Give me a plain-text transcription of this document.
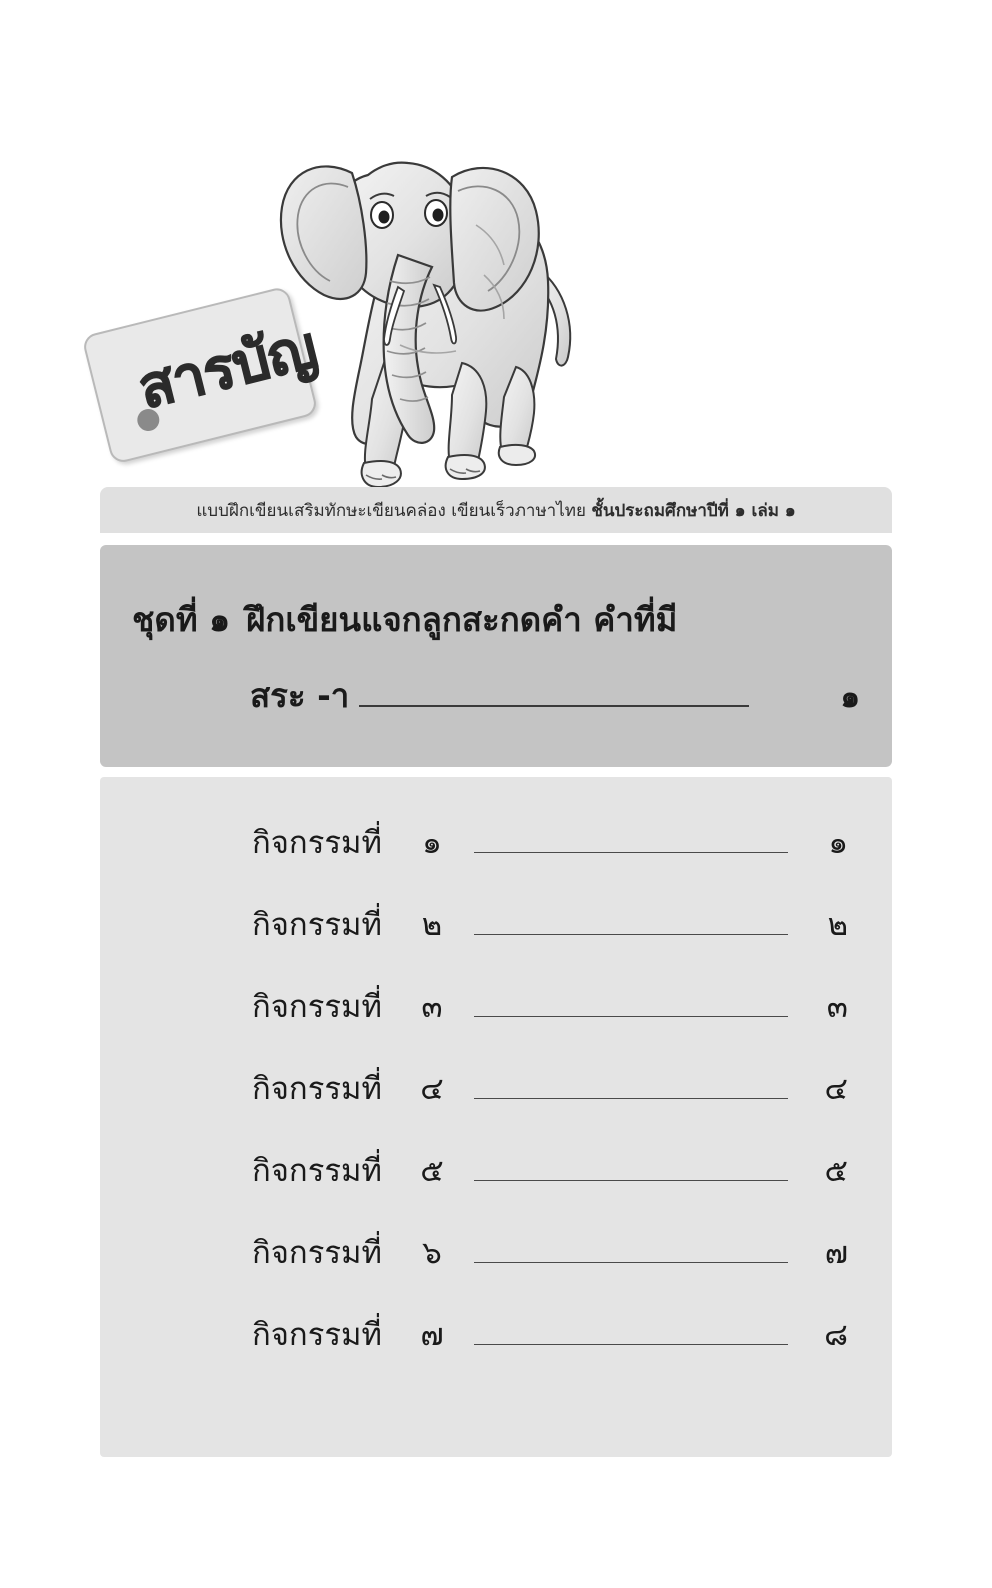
สารบัญ
แบบฝึกเขียนเสริมทักษะเขียนคล่อง เขียนเร็วภาษาไทย ชั้นประถมศึกษาปีที่ ๑ เล่ม ๑
ชุดที่ ๑ ฝึกเขียนแจกลูกสะกดคำ คำที่มี
สระ -า	๑
กิจกรรมที่	๑	๑
กิจกรรมที่	๒	๒
กิจกรรมที่	๓	๓
กิจกรรมที่	๔	๔
กิจกรรมที่	๕	๕
กิจกรรมที่	๖	๗
กิจกรรมที่	๗	๘
